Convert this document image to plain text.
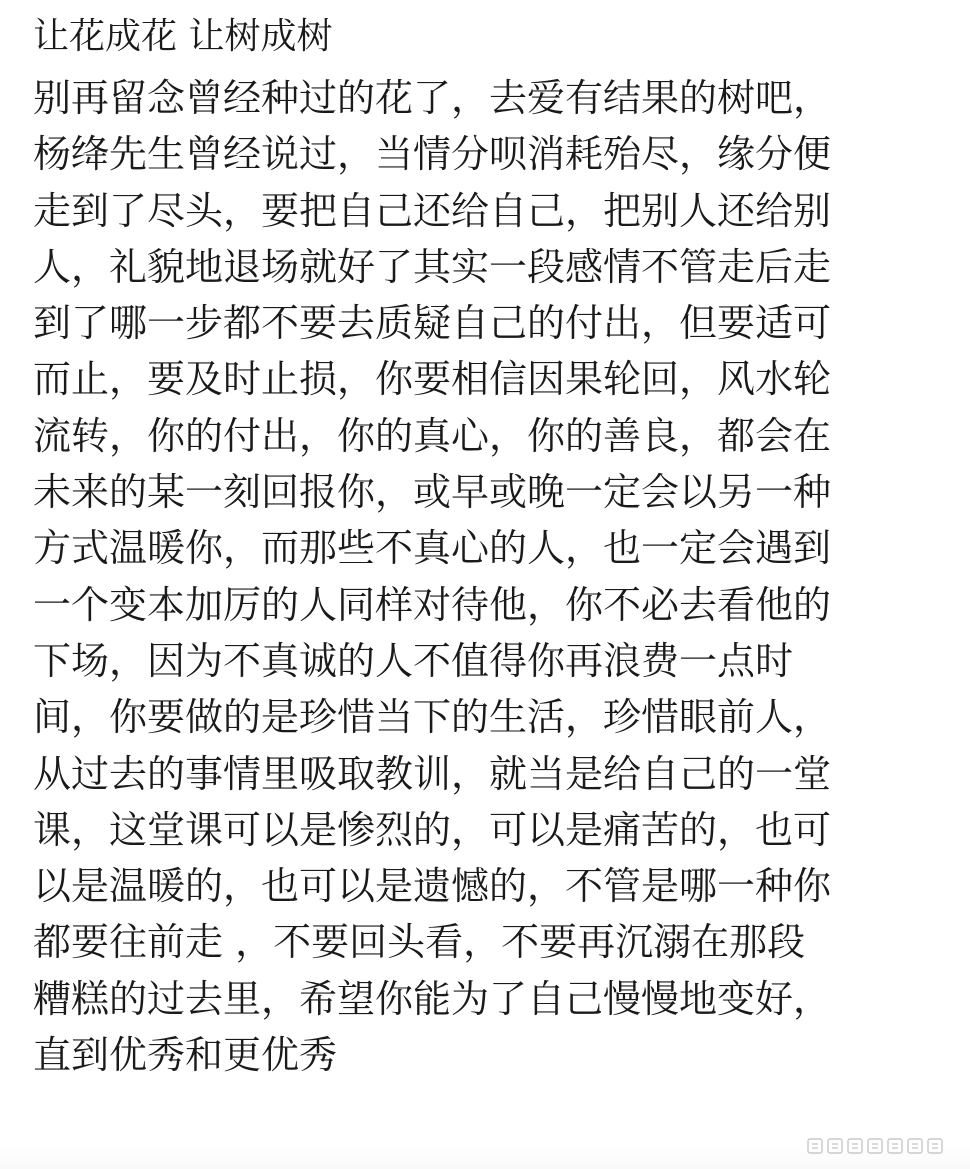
让花成花 让树成树
别再留念曾经种过的花了，去爱有结果的树吧，
杨绛先生曾经说过，当情分呗消耗殆尽，缘分便
走到了尽头，要把自己还给自己，把别人还给别
人，礼貌地退场就好了其实一段感情不管走后走
到了哪一步都不要去质疑自己的付出，但要适可
而止，要及时止损，你要相信因果轮回，风水轮
流转，你的付出，你的真心，你的善良，都会在
未来的某一刻回报你，或早或晚一定会以另一种
方式温暖你，而那些不真心的人，也一定会遇到
一个变本加厉的人同样对待他，你不必去看他的
下场，因为不真诚的人不值得你再浪费一点时
间，你要做的是珍惜当下的生活，珍惜眼前人，
从过去的事情里吸取教训，就当是给自己的一堂
课，这堂课可以是惨烈的，可以是痛苦的，也可
以是温暖的，也可以是遗憾的，不管是哪一种你
都要往前走 ，不要回头看，不要再沉溺在那段
糟糕的过去里，希望你能为了自己慢慢地变好，
直到优秀和更优秀
